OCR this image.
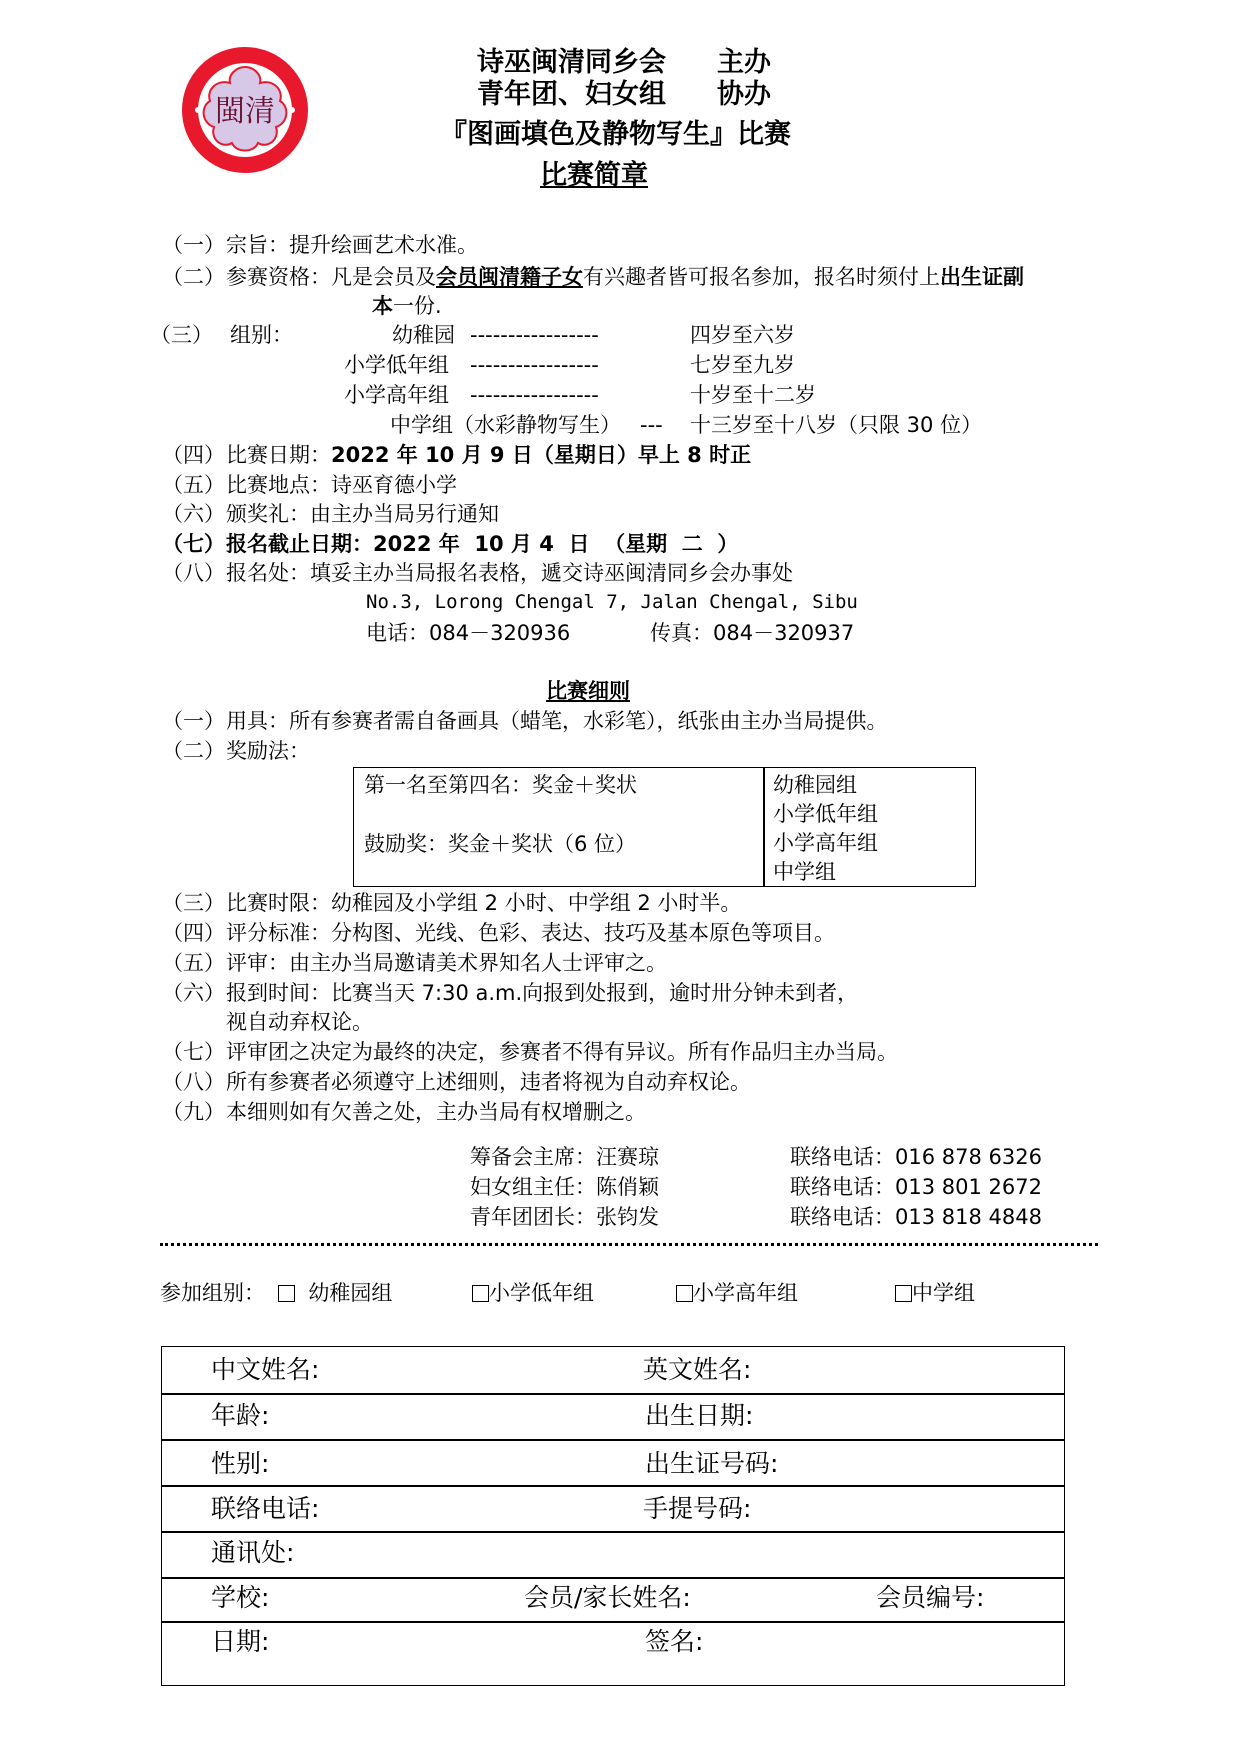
閩清
诗巫闽清同乡会 主办
青年团、妇女组 协办
『图画填色及静物写生』比赛
比赛简章
（一） 宗旨：提升绘画艺术水准。
（二） 参赛资格：凡是会员及会员闽清籍子女有兴趣者皆可报名参加，报名时须付上出生证副
本一份.
（三） 组别：	幼稚园 -----------------	四岁至六岁
小学低年组 -----------------	七岁至九岁
小学高年组 -----------------	十岁至十二岁
中学组（水彩静物写生） --- 十三岁至十八岁（只限 30 位）
（四） 比赛日期：2022 年 10 月 9 日（星期日）早上 8 时正
（五） 比赛地点：诗巫育德小学
（六） 颁奖礼：由主办当局另行通知
（七） 报名截止日期：2022 年  10 月 4  日  （星期  二  ）
（八） 报名处：填妥主办当局报名表格，遞交诗巫闽清同乡会办事处
No.3, Lorong Chengal 7, Jalan Chengal, Sibu
电话：084－320936	传真：084－320937
比赛细则
（一） 用具：所有参赛者需自备画具（蜡笔，水彩笔），纸张由主办当局提供。
（二） 奖励法：
第一名至第四名：奖金＋奖状
鼓励奖：奖金＋奖状（6 位）
幼稚园组
小学低年组
小学高年组
中学组
（三） 比赛时限：幼稚园及小学组 2 小时、中学组 2 小时半。
（四） 评分标准：分构图、光线、色彩、表达、技巧及基本原色等项目。
（五） 评审：由主办当局邀请美术界知名人士评审之。
（六） 报到时间：比赛当天 7:30 a.m.向报到处报到，逾时卅分钟未到者，
视自动弃权论。
（七） 评审团之决定为最终的决定，参赛者不得有异议。所有作品归主办当局。
（八） 所有参赛者必须遵守上述细则，违者将视为自动弃权论。
（九） 本细则如有欠善之处，主办当局有权增删之。
筹备会主席：汪赛琼	联络电话：016 878 6326
妇女组主任：陈俏颖	联络电话：013 801 2672
青年团团长：张钧发	联络电话：013 818 4848
参加组别：	幼稚园组	小学低年组	小学高年组	中学组
中文姓名:	英文姓名:
年龄:	出生日期:
性别:	出生证号码:
联络电话:	手提号码:
通讯处:
学校:	会员/家长姓名:	会员编号:
日期:	签名:
